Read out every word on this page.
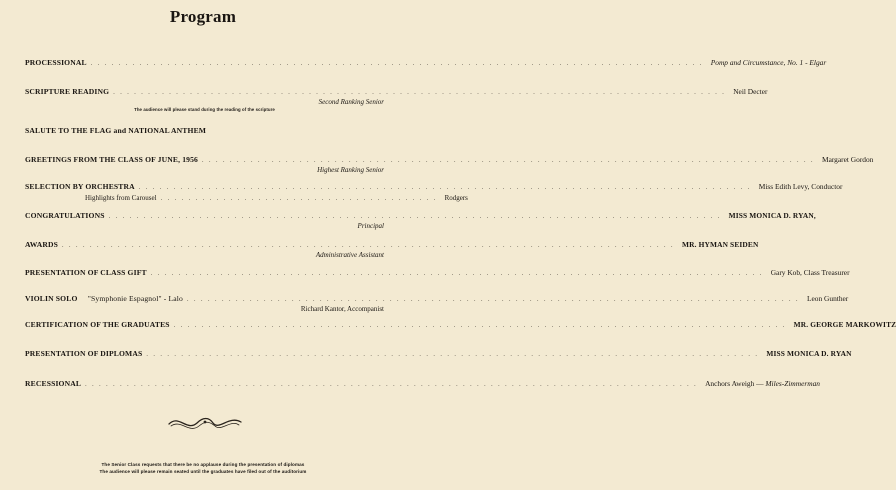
Program
PROCESSIONAL ........................................................................................ Pomp and Circumstance, No. 1 - Elgar
SCRIPTURE READING ........................................................................................ Neil Decter
Second Ranking Senior
The audience will please stand during the reading of the scripture
SALUTE TO THE FLAG and NATIONAL ANTHEM
GREETINGS FROM THE CLASS OF JUNE, 1956 ........................................................................................ Margaret Gordon
Highest Ranking Senior
SELECTION BY ORCHESTRA ........................................................................................ Miss Edith Levy, Conductor
Highlights from Carousel ........................................ Rodgers
CONGRATULATIONS ........................................................................................ MISS MONICA D. RYAN,
Principal
AWARDS ........................................................................................ MR. HYMAN SEIDEN
Administrative Assistant
PRESENTATION OF CLASS GIFT ........................................................................................ Gary Kob, Class Treasurer
VIOLIN SOLO "Symphonie Espagnol" - Lalo ........................................................................................ Leon Gunther
Richard Kantor, Accompanist
CERTIFICATION OF THE GRADUATES ........................................................................................ MR. GEORGE MARKOWITZ
PRESENTATION OF DIPLOMAS ........................................................................................ MISS MONICA D. RYAN
RECESSIONAL ........................................................................................ Anchors Aweigh — Miles-Zimmerman
The Senior Class requests that there be no applause during the presentation of diplomas
The audience will please remain seated until the graduates have filed out of the auditorium
